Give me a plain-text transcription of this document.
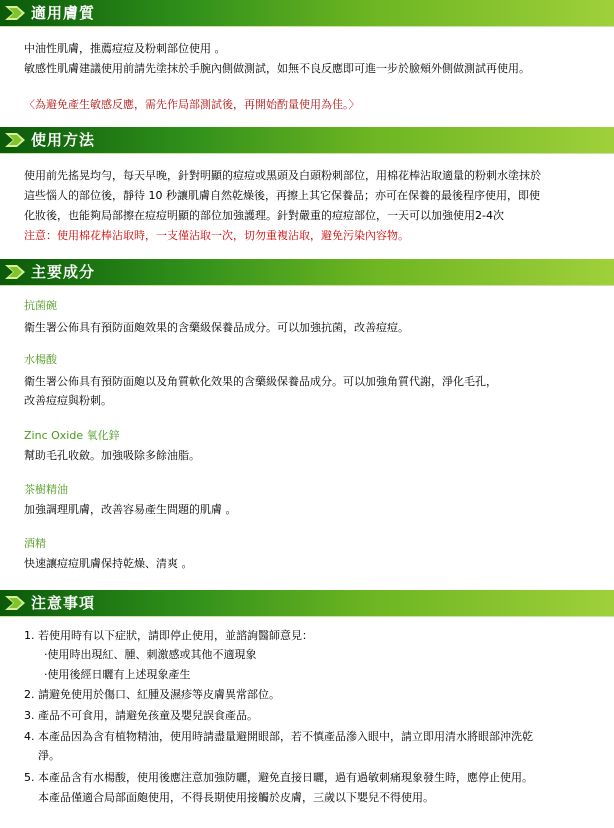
適用膚質

中油性肌膚，推薦痘痘及粉刺部位使用 。

敏感性肌膚建議使用前請先塗抹於手腕內側做測試，如無不良反應即可進一步於臉頰外側做測試再使用。

〈為避免產生敏感反應，需先作局部測試後，再開始酌量使用為佳。〉

使用方法

使用前先搖晃均勻，每天早晚，針對明顯的痘痘或黑頭及白頭粉刺部位，用棉花棒沾取適量的粉刺水塗抹於

這些惱人的部位後，靜待 10 秒讓肌膚自然乾燥後，再擦上其它保養品；亦可在保養的最後程序使用，即使

化妝後，也能夠局部擦在痘痘明顯的部位加強護理。針對嚴重的痘痘部位，一天可以加強使用2-4次

注意：使用棉花棒沾取時，一支僅沾取一次，切勿重複沾取，避免污染內容物。

主要成分
抗菌碗
衛生署公佈具有預防面皰效果的含藥級保養品成分。可以加強抗菌，改善痘痘。
水楊酸
衛生署公佈具有預防面皰以及角質軟化效果的含藥級保養品成分。可以加強角質代謝，淨化毛孔，
改善痘痘與粉刺。
Zinc Oxide 氧化鋅
幫助毛孔收斂。加強吸除多餘油脂。
茶樹精油
加強調理肌膚，改善容易產生問題的肌膚 。
酒精
快速讓痘痘肌膚保持乾燥、清爽 。
注意事項
1. 若使用時有以下症狀，請即停止使用，並諮詢醫師意見：
‧使用時出現紅、腫、刺激感或其他不適現象
‧使用後經日曬有上述現象產生
2. 請避免使用於傷口、紅腫及濕疹等皮膚異常部位。
3. 產品不可食用，請避免孩童及嬰兒誤食產品。
4. 本產品因為含有植物精油，使用時請盡量避開眼部，若不慎產品滲入眼中，請立即用清水將眼部沖洗乾
淨。
5. 本產品含有水楊酸，使用後應注意加強防曬，避免直接日曬，過有過敏刺痛現象發生時，應停止使用。
本產品僅適合局部面皰使用，不得長期使用接觸於皮膚，三歲以下嬰兒不得使用。
